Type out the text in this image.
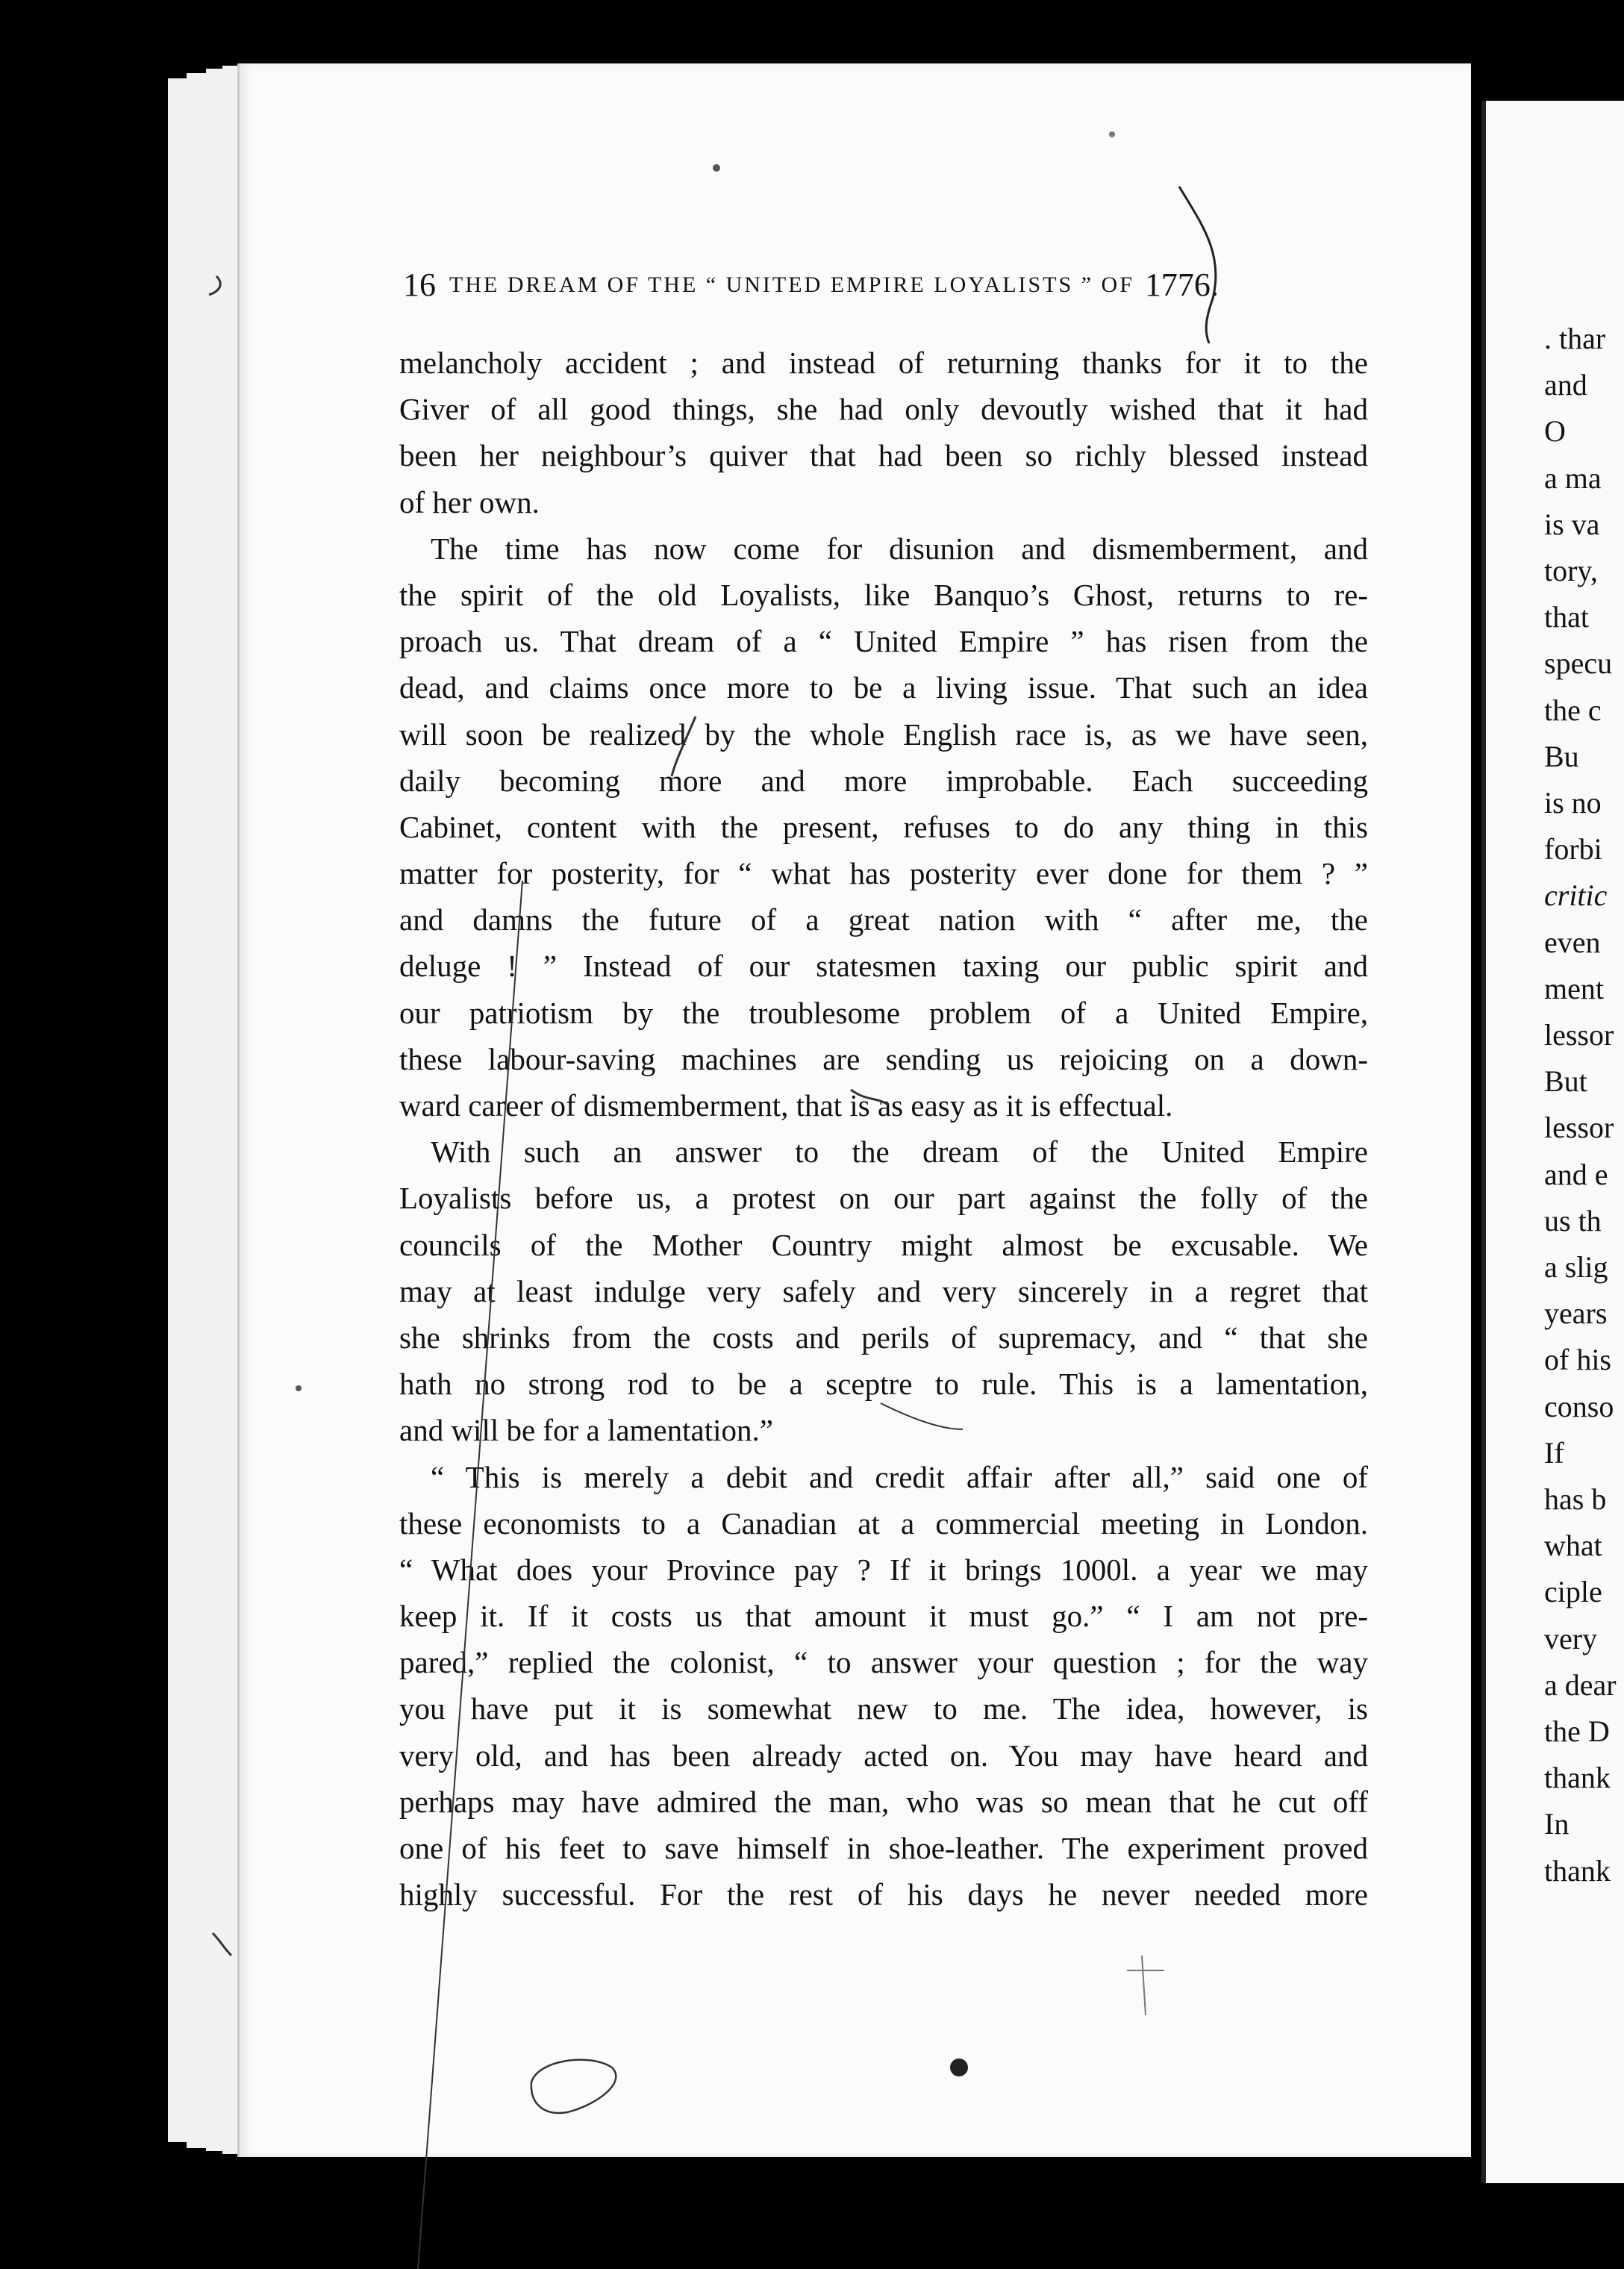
. thar
and
O
a ma
is va
tory,
that
specu
the c
Bu
is no
forbi
critic
even
ment
lessor
But
lessor
and e
us th
a slig
years
of his
conso
If
has b
what
ciple
very
a dear
the D
thank
In
thank
16 THE DREAM OF THE “ UNITED EMPIRE LOYALISTS ” OF 1776.
melancholy accident ; and instead of returning thanks for it to the
Giver of all good things, she had only devoutly wished that it had
been her neighbour’s quiver that had been so richly blessed instead
of her own.
The time has now come for disunion and dismemberment, and
the spirit of the old Loyalists, like Banquo’s Ghost, returns to re-
proach us. That dream of a “ United Empire ” has risen from the
dead, and claims once more to be a living issue. That such an idea
will soon be realized by the whole English race is, as we have seen,
daily becoming more and more improbable. Each succeeding
Cabinet, content with the present, refuses to do any thing in this
matter for posterity, for “ what has posterity ever done for them ? ”
and damns the future of a great nation with “ after me, the
deluge ! ” Instead of our statesmen taxing our public spirit and
our patriotism by the troublesome problem of a United Empire,
these labour-saving machines are sending us rejoicing on a down-
ward career of dismemberment, that is as easy as it is effectual.
With such an answer to the dream of the United Empire
Loyalists before us, a protest on our part against the folly of the
councils of the Mother Country might almost be excusable. We
may at least indulge very safely and very sincerely in a regret that
she shrinks from the costs and perils of supremacy, and “ that she
hath no strong rod to be a sceptre to rule. This is a lamentation,
and will be for a lamentation.”
“ This is merely a debit and credit affair after all,” said one of
these economists to a Canadian at a commercial meeting in London.
“ What does your Province pay ? If it brings 1000l. a year we may
keep it. If it costs us that amount it must go.” “ I am not pre-
pared,” replied the colonist, “ to answer your question ; for the way
you have put it is somewhat new to me. The idea, however, is
very old, and has been already acted on. You may have heard and
perhaps may have admired the man, who was so mean that he cut off
one of his feet to save himself in shoe-leather. The experiment proved
highly successful. For the rest of his days he never needed more
